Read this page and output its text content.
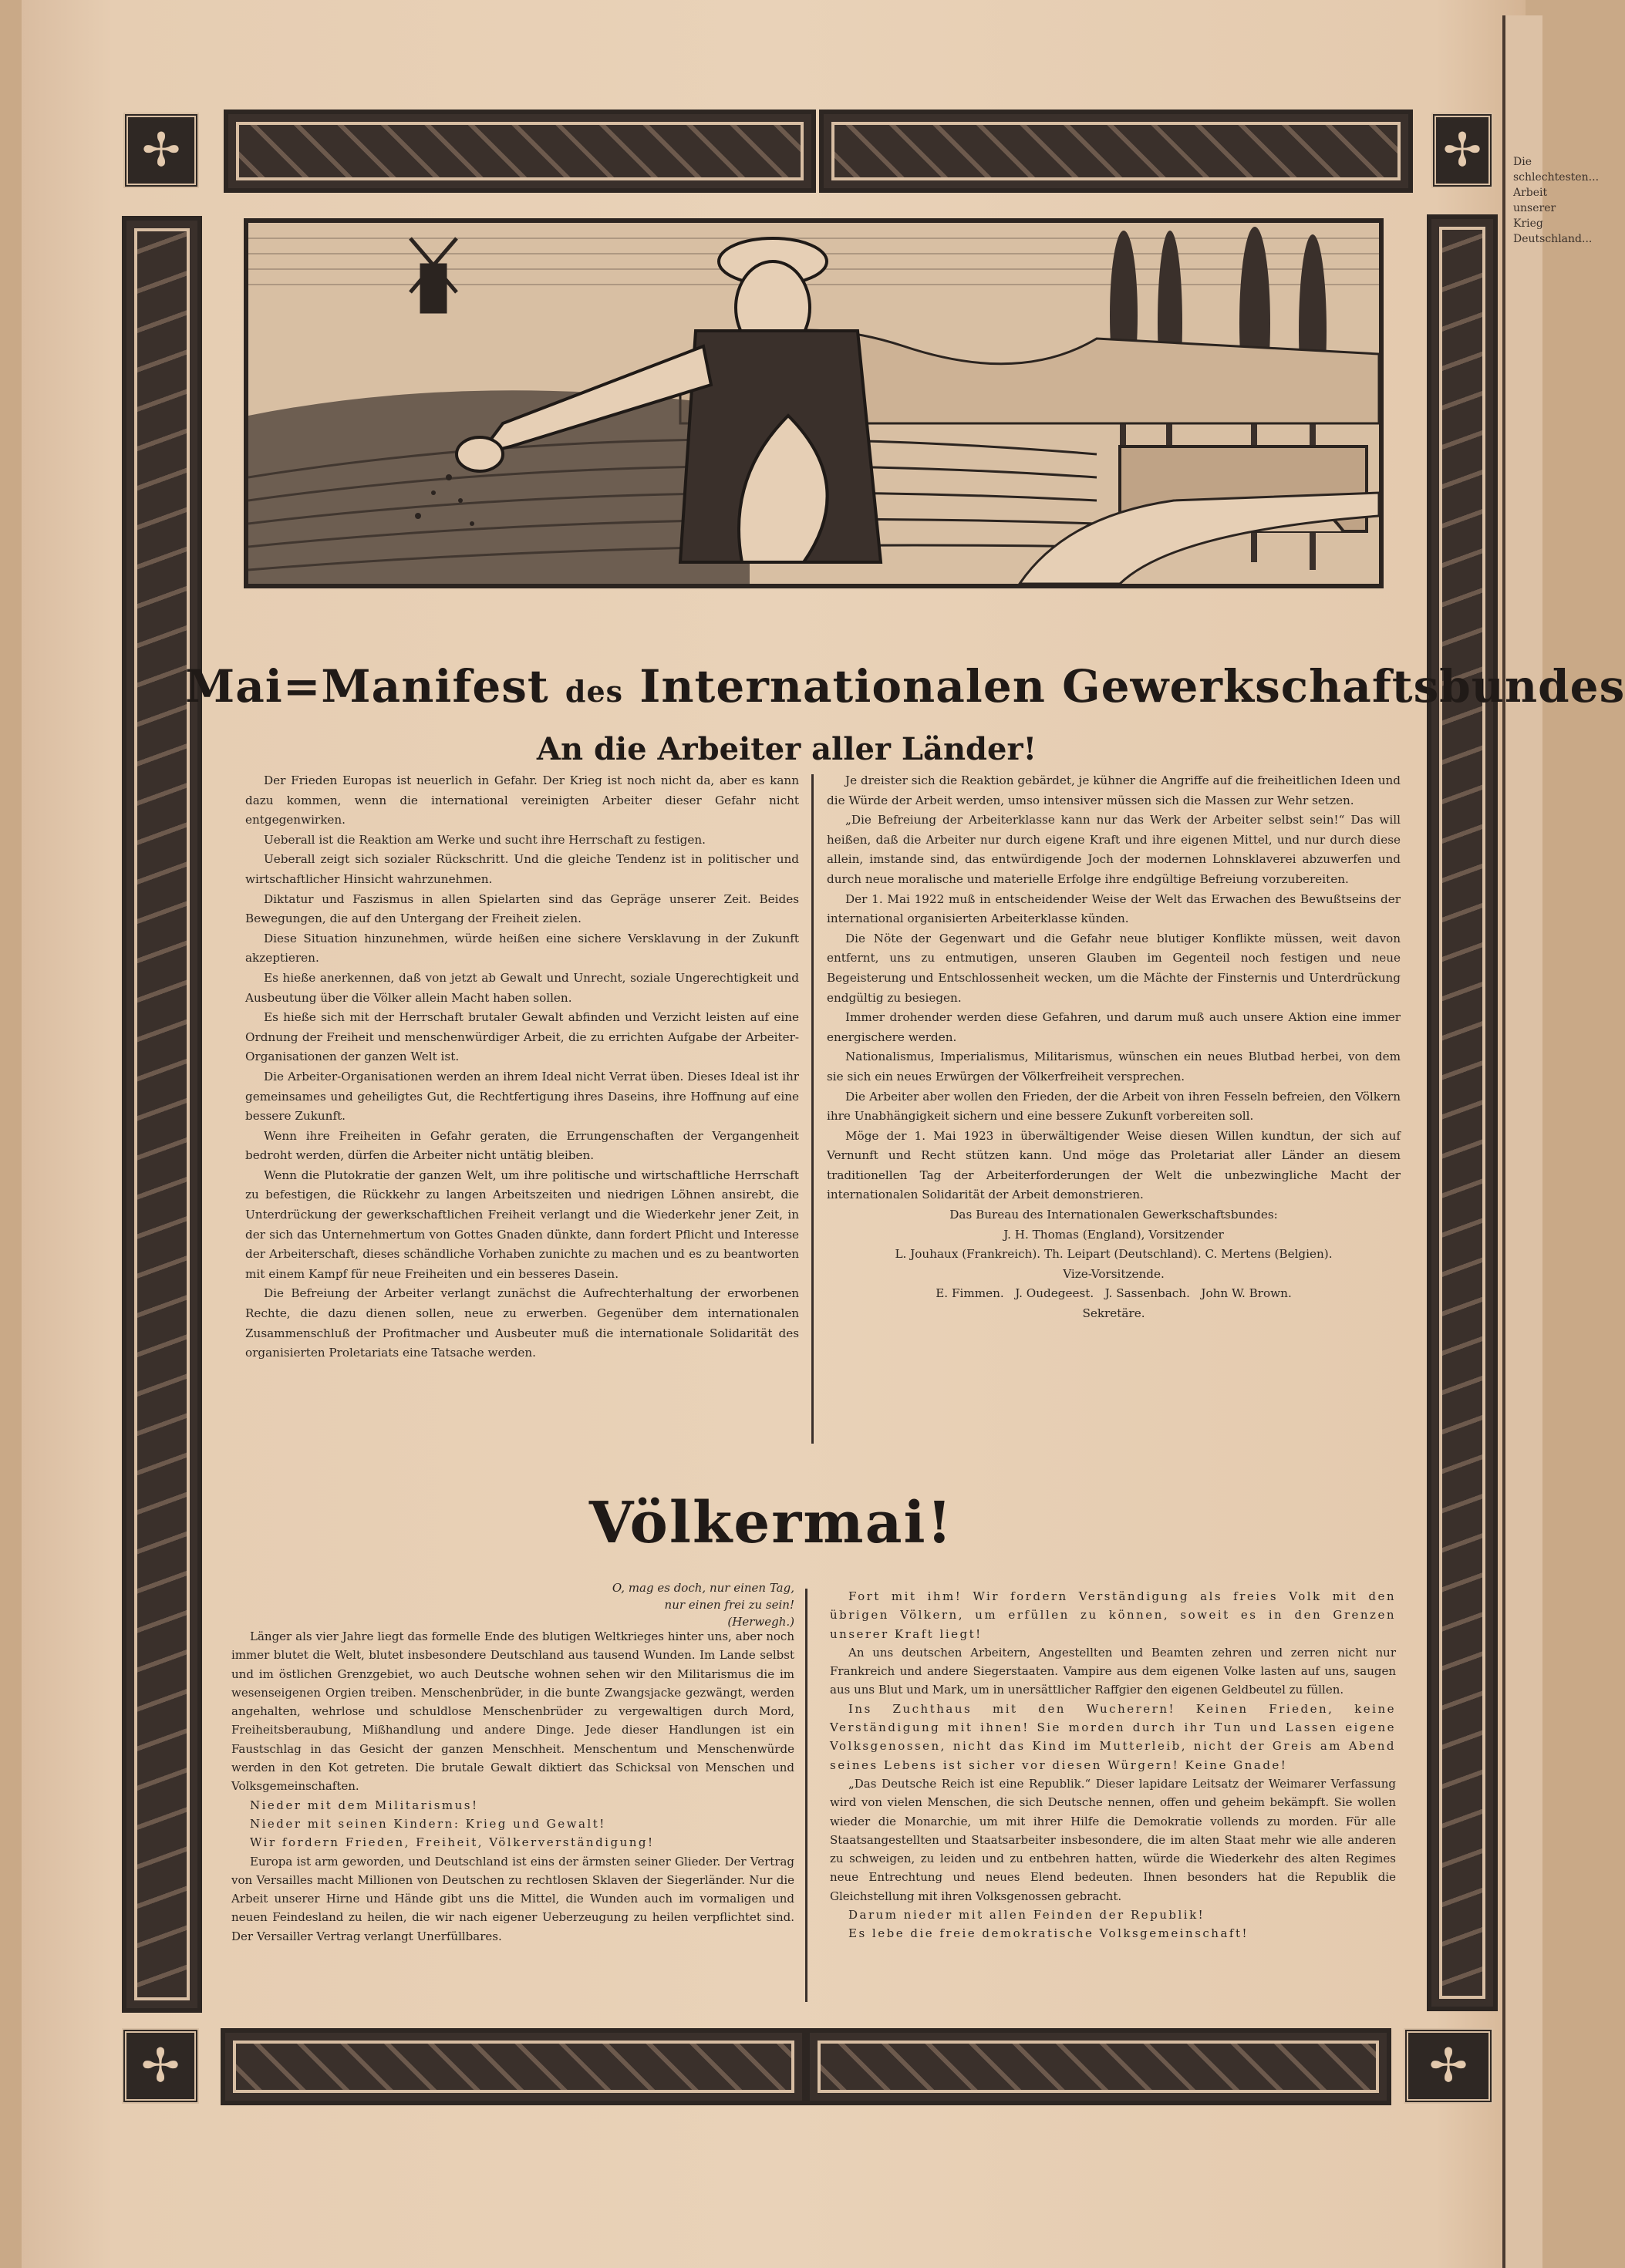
Die schlechtesten... Arbeit unserer Krieg Deutschland...
✢	✢
✢	✢
Mai=Manifest des Internationalen Gewerkschaftsbundes
An die Arbeiter aller Länder!

Der Frieden Europas ist neuerlich in Gefahr. Der Krieg ist noch nicht da, aber es kann dazu kommen, wenn die international vereinigten Arbeiter dieser Gefahr nicht entgegenwirken.

Ueberall ist die Reaktion am Werke und sucht ihre Herrschaft zu festigen.

Ueberall zeigt sich sozialer Rückschritt. Und die gleiche Tendenz ist in politischer und wirtschaftlicher Hinsicht wahrzunehmen.

Diktatur und Faszismus in allen Spielarten sind das Gepräge unserer Zeit. Beides Bewegungen, die auf den Untergang der Freiheit zielen.

Diese Situation hinzunehmen, würde heißen eine sichere Versklavung in der Zukunft akzeptieren.

Es hieße anerkennen, daß von jetzt ab Gewalt und Unrecht, soziale Ungerechtigkeit und Ausbeutung über die Völker allein Macht haben sollen.

Es hieße sich mit der Herrschaft brutaler Gewalt abfinden und Verzicht leisten auf eine Ordnung der Freiheit und menschenwürdiger Arbeit, die zu errichten Aufgabe der Arbeiter-Organisationen der ganzen Welt ist.

Die Arbeiter-Organisationen werden an ihrem Ideal nicht Verrat üben. Dieses Ideal ist ihr gemeinsames und geheiligtes Gut, die Rechtfertigung ihres Daseins, ihre Hoffnung auf eine bessere Zukunft.

Wenn ihre Freiheiten in Gefahr geraten, die Errungenschaften der Vergangenheit bedroht werden, dürfen die Arbeiter nicht untätig bleiben.

Wenn die Plutokratie der ganzen Welt, um ihre politische und wirtschaftliche Herrschaft zu befestigen, die Rückkehr zu langen Arbeitszeiten und niedrigen Löhnen ansirebt, die Unterdrückung der gewerkschaftlichen Freiheit verlangt und die Wiederkehr jener Zeit, in der sich das Unternehmertum von Gottes Gnaden dünkte, dann fordert Pflicht und Interesse der Arbeiterschaft, dieses schändliche Vorhaben zunichte zu machen und es zu beantworten mit einem Kampf für neue Freiheiten und ein besseres Dasein.

Die Befreiung der Arbeiter verlangt zunächst die Aufrechterhaltung der erworbenen Rechte, die dazu dienen sollen, neue zu erwerben. Gegenüber dem internationalen Zusammenschluß der Profitmacher und Ausbeuter muß die internationale Solidarität des organisierten Proletariats eine Tatsache werden.

Je dreister sich die Reaktion gebärdet, je kühner die Angriffe auf die freiheitlichen Ideen und die Würde der Arbeit werden, umso intensiver müssen sich die Massen zur Wehr setzen.

„Die Befreiung der Arbeiterklasse kann nur das Werk der Arbeiter selbst sein!“ Das will heißen, daß die Arbeiter nur durch eigene Kraft und ihre eigenen Mittel, und nur durch diese allein, imstande sind, das entwürdigende Joch der modernen Lohnsklaverei abzuwerfen und durch neue moralische und materielle Erfolge ihre endgültige Befreiung vorzubereiten.

Der 1. Mai 1922 muß in entscheidender Weise der Welt das Erwachen des Bewußtseins der international organisierten Arbeiterklasse künden.

Die Nöte der Gegenwart und die Gefahr neue blutiger Konflikte müssen, weit davon entfernt, uns zu entmutigen, unseren Glauben im Gegenteil noch festigen und neue Begeisterung und Entschlossenheit wecken, um die Mächte der Finsternis und Unterdrückung endgültig zu besiegen.

Immer drohender werden diese Gefahren, und darum muß auch unsere Aktion eine immer energischere werden.

Nationalismus, Imperialismus, Militarismus, wünschen ein neues Blutbad herbei, von dem sie sich ein neues Erwürgen der Völkerfreiheit versprechen.

Die Arbeiter aber wollen den Frieden, der die Arbeit von ihren Fesseln befreien, den Völkern ihre Unabhängigkeit sichern und eine bessere Zukunft vorbereiten soll.

Möge der 1. Mai 1923 in überwältigender Weise diesen Willen kundtun, der sich auf Vernunft und Recht stützen kann. Und möge das Proletariat aller Länder an diesem traditionellen Tag der Arbeiterforderungen der Welt die unbezwingliche Macht der internationalen Solidarität der Arbeit demonstrieren.

Das Bureau des Internationalen Gewerkschaftsbundes:
J. H. Thomas (England), Vorsitzender
L. Jouhaux (Frankreich). Th. Leipart (Deutschland). C. Mertens (Belgien).
Vize-Vorsitzende.
E. Fimmen.   J. Oudegeest.   J. Sassenbach.   John W. Brown.
Sekretäre.
Völkermai!
O, mag es doch, nur einen Tag,
nur einen frei zu sein!
(Herwegh.)

Länger als vier Jahre liegt das formelle Ende des blutigen Weltkrieges hinter uns, aber noch immer blutet die Welt, blutet insbesondere Deutschland aus tausend Wunden. Im Lande selbst und im östlichen Grenzgebiet, wo auch Deutsche wohnen sehen wir den Militarismus die im wesenseigenen Orgien treiben. Menschenbrüder, in die bunte Zwangsjacke gezwängt, werden angehalten, wehrlose und schuldlose Menschenbrüder zu vergewaltigen durch Mord, Freiheitsberaubung, Mißhandlung und andere Dinge. Jede dieser Handlungen ist ein Faustschlag in das Gesicht der ganzen Menschheit. Menschentum und Menschenwürde werden in den Kot getreten. Die brutale Gewalt diktiert das Schicksal von Menschen und Volksgemeinschaften.

Nieder mit dem Militarismus!

Nieder mit seinen Kindern: Krieg und Gewalt!

Wir fordern Frieden, Freiheit, Völkerverständigung!

Europa ist arm geworden, und Deutschland ist eins der ärmsten seiner Glieder. Der Vertrag von Versailles macht Millionen von Deutschen zu rechtlosen Sklaven der Siegerländer. Nur die Arbeit unserer Hirne und Hände gibt uns die Mittel, die Wunden auch im vormaligen und neuen Feindesland zu heilen, die wir nach eigener Ueberzeugung zu heilen verpflichtet sind. Der Versailler Vertrag verlangt Unerfüllbares.

Fort mit ihm! Wir fordern Verständigung als freies Volk mit den übrigen Völkern, um erfüllen zu können, soweit es in den Grenzen unserer Kraft liegt!

An uns deutschen Arbeitern, Angestellten und Beamten zehren und zerren nicht nur Frankreich und andere Siegerstaaten. Vampire aus dem eigenen Volke lasten auf uns, saugen aus uns Blut und Mark, um in unersättlicher Raffgier den eigenen Geldbeutel zu füllen.

Ins Zuchthaus mit den Wucherern! Keinen Frieden, keine Verständigung mit ihnen! Sie morden durch ihr Tun und Lassen eigene Volksgenossen, nicht das Kind im Mutterleib, nicht der Greis am Abend seines Lebens ist sicher vor diesen Würgern! Keine Gnade!

„Das Deutsche Reich ist eine Republik.“ Dieser lapidare Leitsatz der Weimarer Verfassung wird von vielen Menschen, die sich Deutsche nennen, offen und geheim bekämpft. Sie wollen wieder die Monarchie, um mit ihrer Hilfe die Demokratie vollends zu morden. Für alle Staatsangestellten und Staatsarbeiter insbesondere, die im alten Staat mehr wie alle anderen zu schweigen, zu leiden und zu entbehren hatten, würde die Wiederkehr des alten Regimes neue Entrechtung und neues Elend bedeuten. Ihnen besonders hat die Republik die Gleichstellung mit ihren Volksgenossen gebracht.

Darum nieder mit allen Feinden der Republik!

Es lebe die freie demokratische Volksgemeinschaft!
